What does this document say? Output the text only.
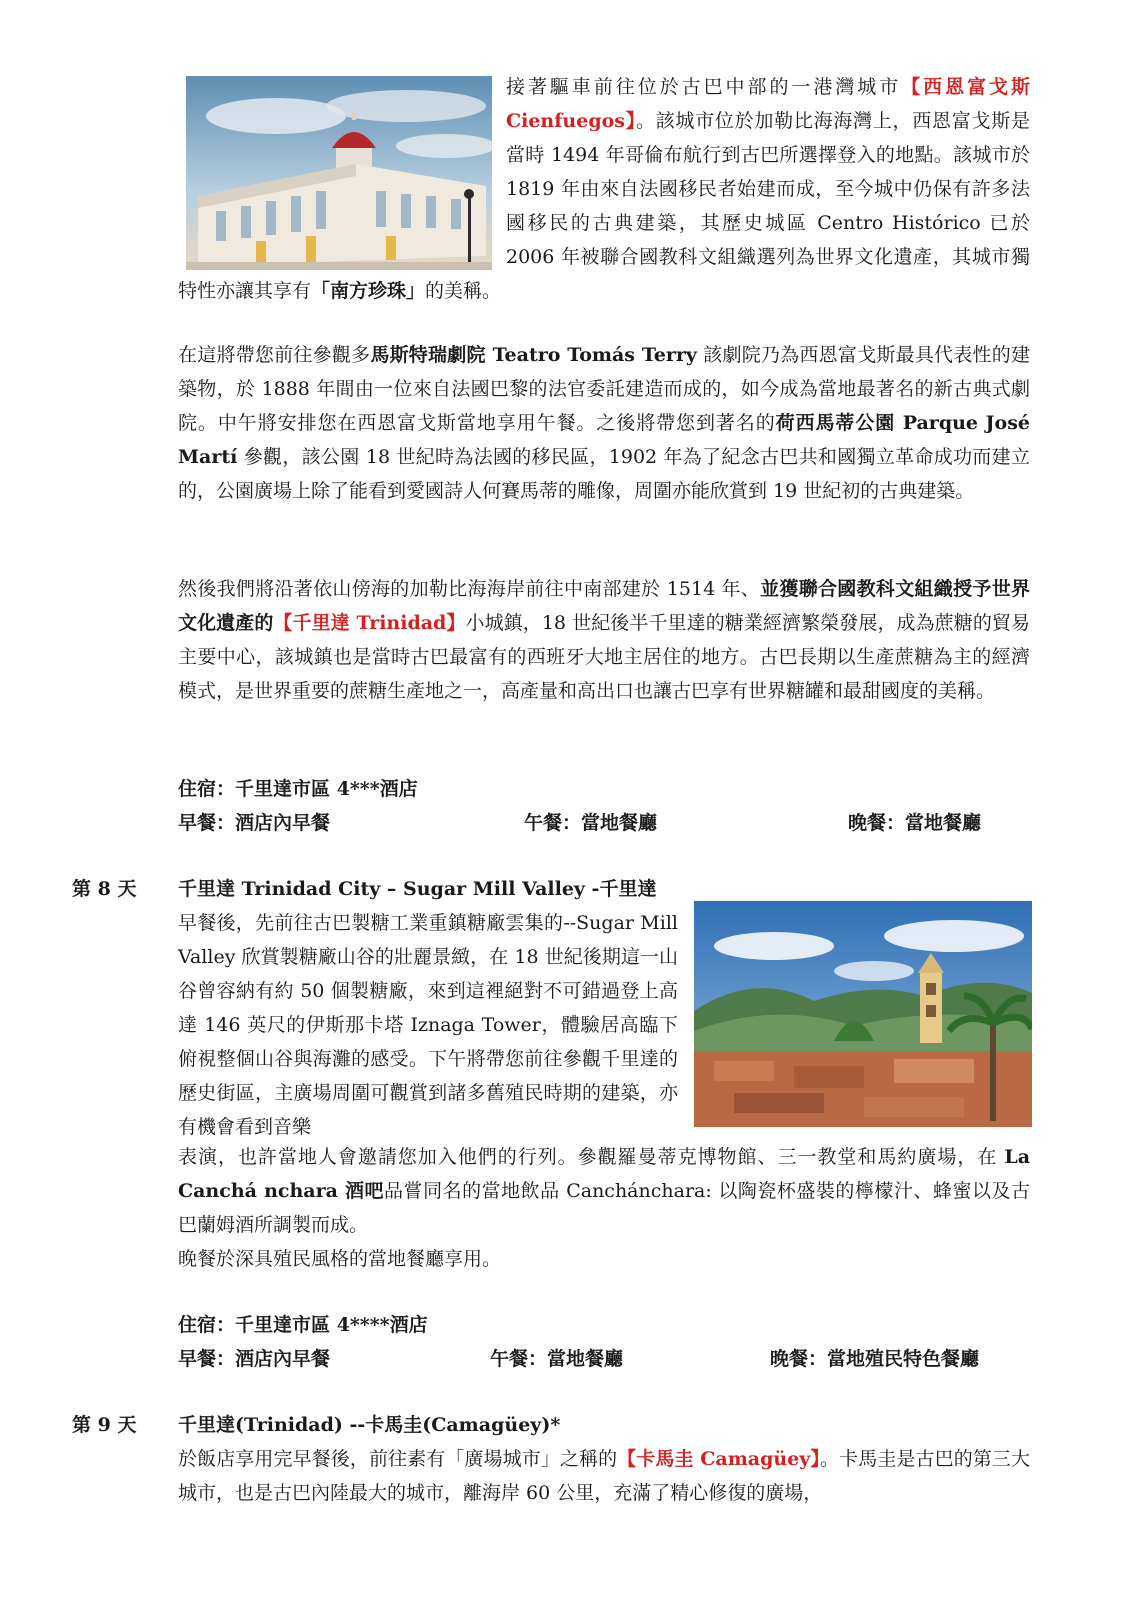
接著驅車前往位於古巴中部的一港灣城市【西恩富戈斯 Cienfuegos】。該城市位於加勒比海海灣上，西恩富戈斯是當時 1494 年哥倫布航行到古巴所選擇登入的地點。該城市於 1819 年由來自法國移民者始建而成，至今城中仍保有許多法國移民的古典建築，其歷史城區 Centro Histórico 已於 2006 年被聯合國教科文組織選列為世界文化遺產，其城市獨特性亦讓其享有「南方珍珠」的美稱。

在這將帶您前往參觀多馬斯特瑞劇院 Teatro Tomás Terry 該劇院乃為西恩富戈斯最具代表性的建築物，於 1888 年間由一位來自法國巴黎的法官委託建造而成的，如今成為當地最著名的新古典式劇院。中午將安排您在西恩富戈斯當地享用午餐。之後將帶您到著名的荷西馬蒂公園 Parque José Martí 參觀，該公園 18 世紀時為法國的移民區，1902 年為了紀念古巴共和國獨立革命成功而建立的，公園廣場上除了能看到愛國詩人何賽馬蒂的雕像，周圍亦能欣賞到 19 世紀初的古典建築。

然後我們將沿著依山傍海的加勒比海海岸前往中南部建於 1514 年、並獲聯合國教科文組織授予世界文化遺產的【千里達 Trinidad】小城鎮，18 世紀後半千里達的糖業經濟繁榮發展，成為蔗糖的貿易主要中心，該城鎮也是當時古巴最富有的西班牙大地主居住的地方。古巴長期以生產蔗糖為主的經濟模式，是世界重要的蔗糖生產地之一，高產量和高出口也讓古巴享有世界糖罐和最甜國度的美稱。

住宿：千里達市區 4***酒店
早餐：酒店內早餐	午餐：當地餐廳	晚餐：當地餐廳
第 8 天 千里達 Trinidad City – Sugar Mill Valley -千里達

早餐後，先前往古巴製糖工業重鎮糖廠雲集的--Sugar Mill Valley 欣賞製糖廠山谷的壯麗景緻，在 18 世紀後期這一山谷曾容納有約 50 個製糖廠，來到這裡絕對不可錯過登上高達 146 英尺的伊斯那卡塔 Iznaga Tower，體驗居高臨下俯視整個山谷與海灘的感受。下午將帶您前往參觀千里達的歷史街區，主廣場周圍可觀賞到諸多舊殖民時期的建築，亦有機會看到音樂

表演，也許當地人會邀請您加入他們的行列。參觀羅曼蒂克博物館、三一教堂和馬約廣場，在 La Canchá nchara 酒吧品嘗同名的當地飲品 Canchánchara: 以陶瓷杯盛裝的檸檬汁、蜂蜜以及古巴蘭姆酒所調製而成。

晚餐於深具殖民風格的當地餐廳享用。

住宿：千里達市區 4****酒店
早餐：酒店內早餐	午餐：當地餐廳	晚餐：當地殖民特色餐廳
第 9 天 千里達(Trinidad) --卡馬圭(Camagüey)*

於飯店享用完早餐後，前往素有「廣場城市」之稱的【卡馬圭 Camagüey】。卡馬圭是古巴的第三大城市，也是古巴內陸最大的城市，離海岸 60 公里，充滿了精心修復的廣場，
